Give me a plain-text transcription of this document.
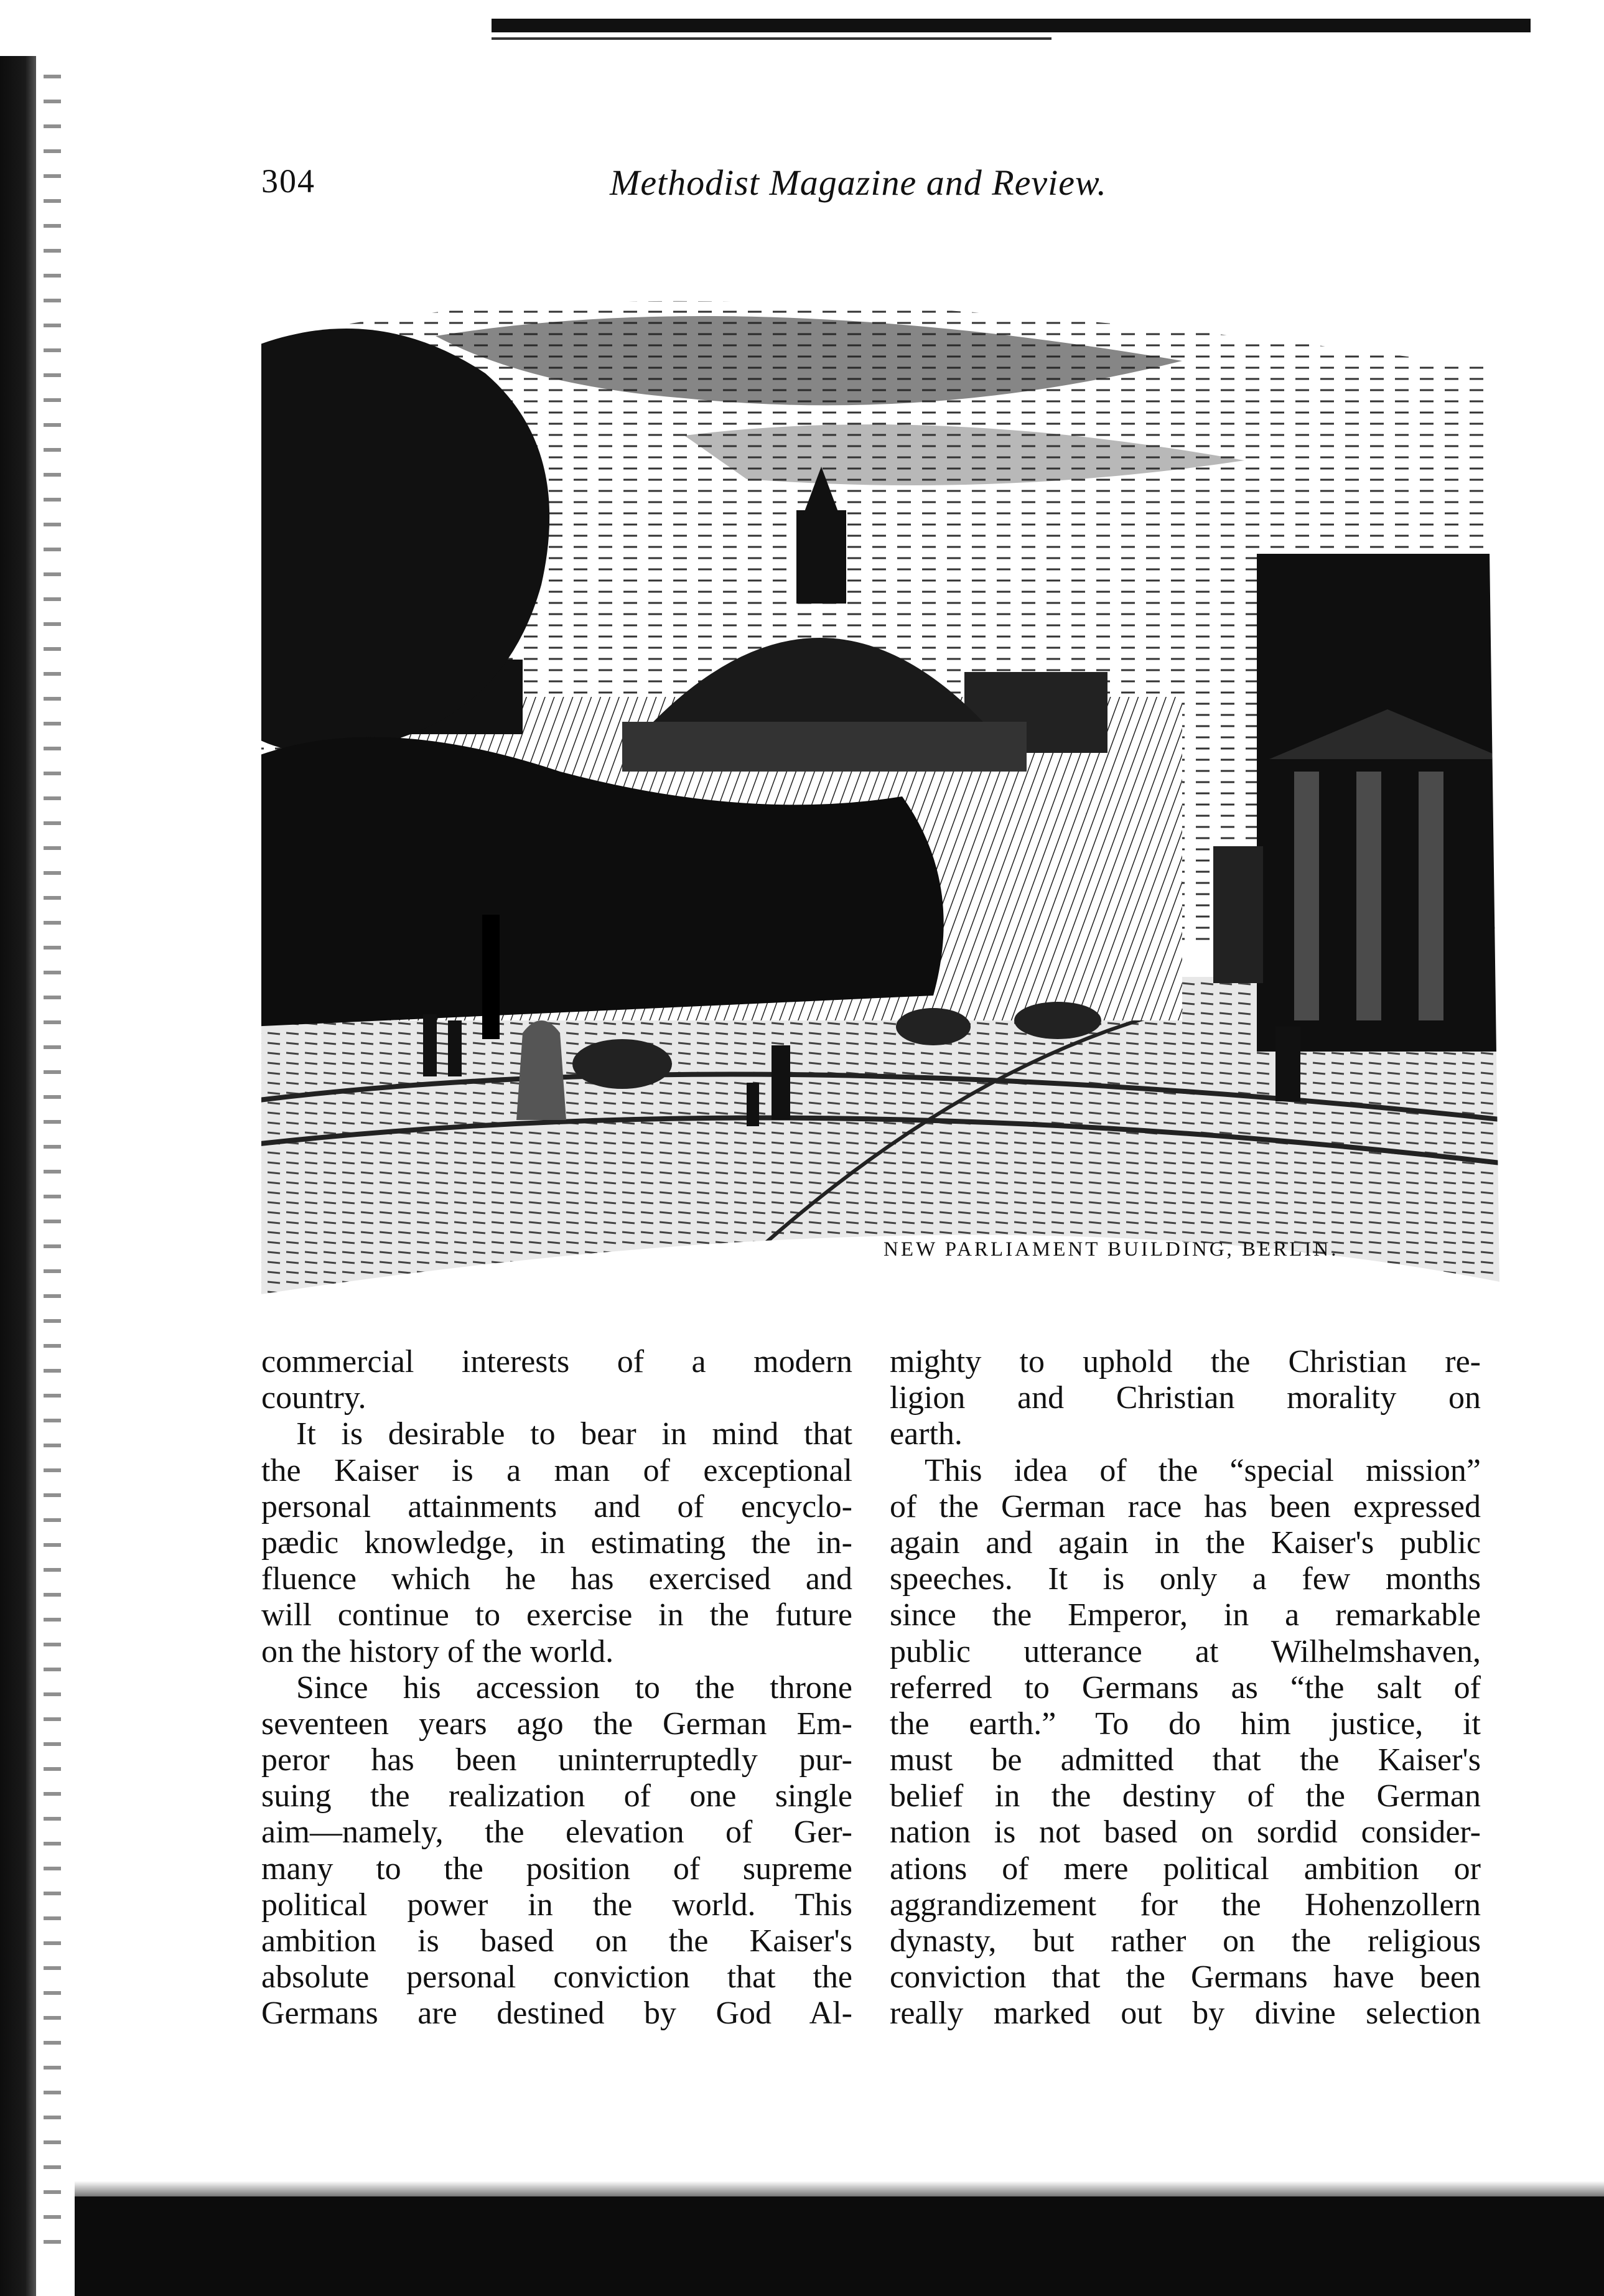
304	Methodist Magazine and Review.
NEW PARLIAMENT BUILDING, BERLIN.
commercial interests of a modern
country.
It is desirable to bear in mind that
the Kaiser is a man of exceptional
personal attainments and of encyclo-
pædic knowledge, in estimating the in-
fluence which he has exercised and
will continue to exercise in the future
on the history of the world.
Since his accession to the throne
seventeen years ago the German Em-
peror has been uninterruptedly pur-
suing the realization of one single
aim—namely, the elevation of Ger-
many to the position of supreme
political power in the world. This
ambition is based on the Kaiser's
absolute personal conviction that the
Germans are destined by God Al-
mighty to uphold the Christian re-
ligion and Christian morality on
earth.
This idea of the “special mission”
of the German race has been expressed
again and again in the Kaiser's public
speeches. It is only a few months
since the Emperor, in a remarkable
public utterance at Wilhelmshaven,
referred to Germans as “the salt of
the earth.” To do him justice, it
must be admitted that the Kaiser's
belief in the destiny of the German
nation is not based on sordid consider-
ations of mere political ambition or
aggrandizement for the Hohenzollern
dynasty, but rather on the religious
conviction that the Germans have been
really marked out by divine selection
